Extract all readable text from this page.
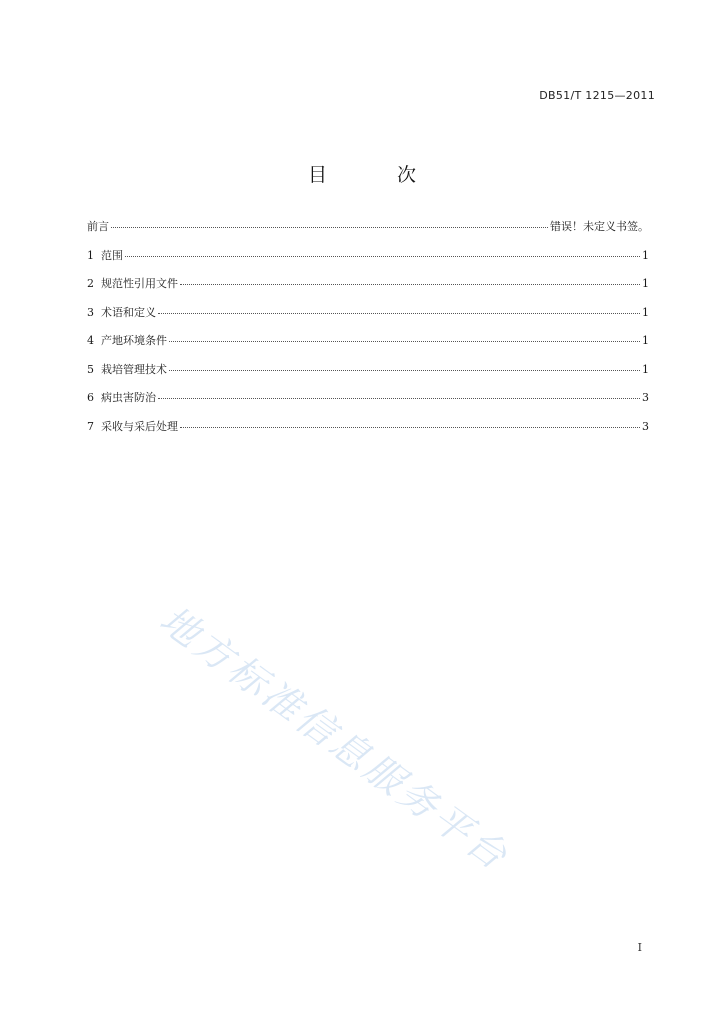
DB51/T 1215—2011
目 次
前言	错误！未定义书签。
1 范围	1
2 规范性引用文件	1
3 术语和定义	1
4 产地环境条件	1
5 栽培管理技术	1
6 病虫害防治	3
7 采收与采后处理	3
地方标准信息服务平台
I
